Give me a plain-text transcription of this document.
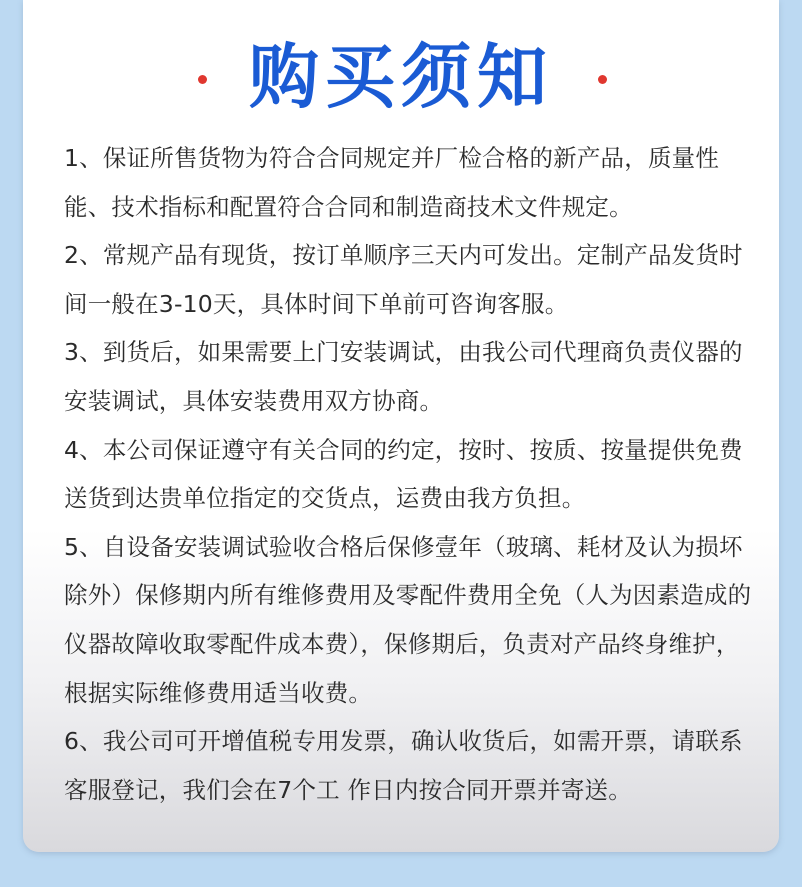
购买须知

1、保证所售货物为符合合同规定并厂检合格的新产品，质量性能、技术指标和配置符合合同和制造商技术文件规定。

2、常规产品有现货，按订单顺序三天内可发出。定制产品发货时间一般在3-10天，具体时间下单前可咨询客服。

3、到货后，如果需要上门安装调试，由我公司代理商负责仪器的安装调试，具体安装费用双方协商。

4、本公司保证遵守有关合同的约定，按时、按质、按量提供免费送货到达贵单位指定的交货点，运费由我方负担。

5、自设备安装调试验收合格后保修壹年（玻璃、耗材及认为损坏除外）保修期内所有维修费用及零配件费用全免（人为因素造成的仪器故障收取零配件成本费），保修期后，负责对产品终身维护，根据实际维修费用适当收费。

6、我公司可开增值税专用发票，确认收货后，如需开票，请联系客服登记，我们会在7个工 作日内按合同开票并寄送。
